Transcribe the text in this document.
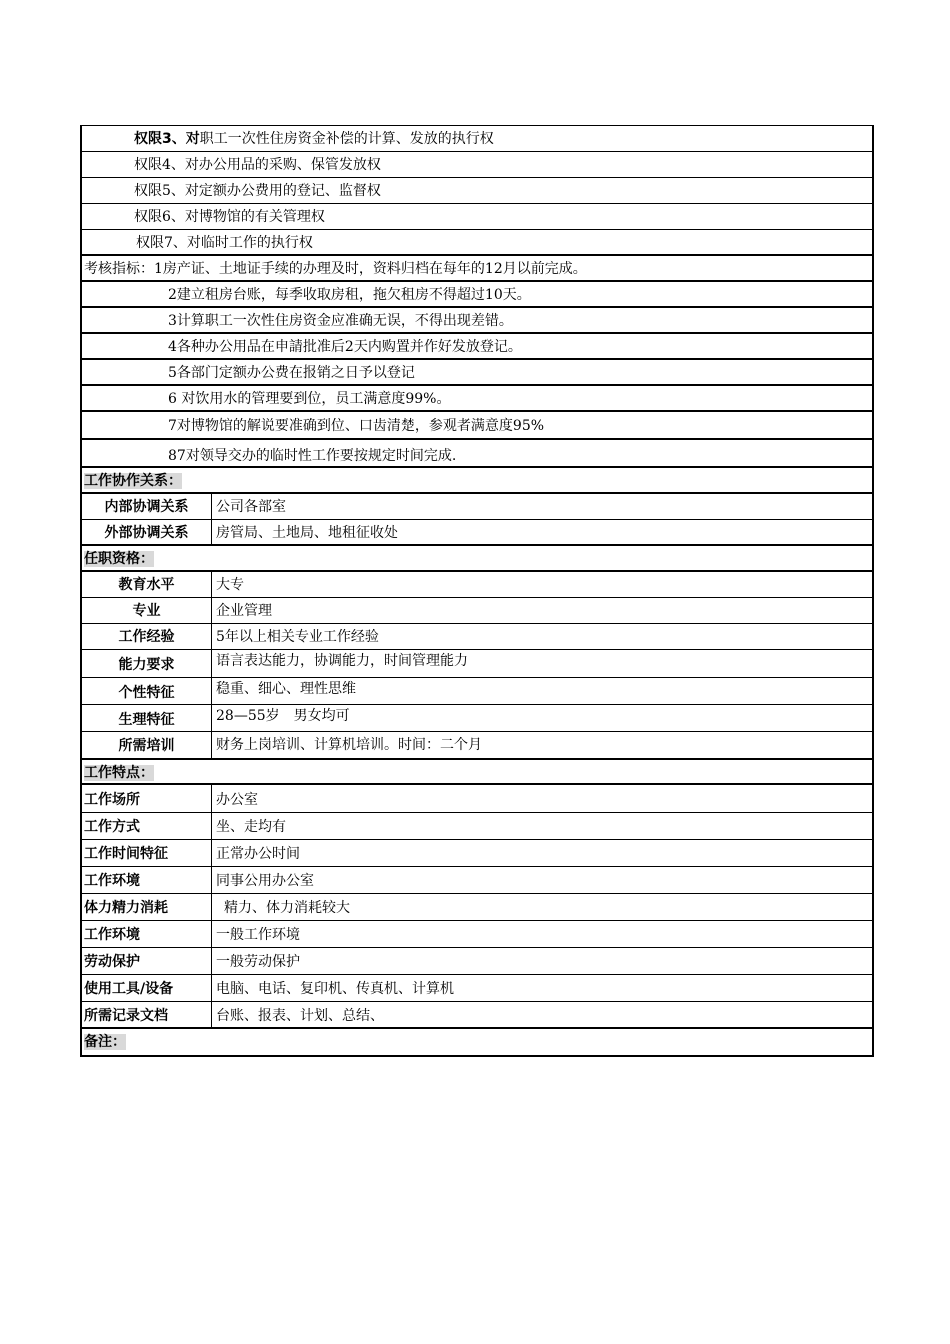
权限3、对职工一次性住房资金补偿的计算、发放的执行权
权限4、对办公用品的采购、保管发放权
权限5、对定额办公费用的登记、监督权
权限6、对博物馆的有关管理权
权限7、对临时工作的执行权
考核指标：1房产证、土地证手续的办理及时，资料归档在每年的12月以前完成。
2建立租房台账，每季收取房租，拖欠租房不得超过10天。
3计算职工一次性住房资金应准确无误，不得出现差错。
4各种办公用品在申請批准后2天内购置并作好发放登记。
5各部门定额办公费在报销之日予以登记
6 对饮用水的管理要到位，员工满意度99%。
7对博物馆的解说要准确到位、口齿清楚，参观者满意度95%
87对领导交办的临时性工作要按规定时间完成.
工作协作关系：
内部协调关系	公司各部室
外部协调关系	房管局、土地局、地租征收处
任职资格：
教育水平	大专
专业	企业管理
工作经验	5年以上相关专业工作经验
能力要求	语言表达能力，协调能力，时间管理能力
个性特征	稳重、细心、理性思维
生理特征	28—55岁　男女均可
所需培训	财务上岗培训、计算机培训。时间：二个月
工作特点：
工作场所	办公室
工作方式	坐、走均有
工作时间特征	正常办公时间
工作环境	同事公用办公室
体力精力消耗	精力、体力消耗较大
工作环境	一般工作环境
劳动保护	一般劳动保护
使用工具/设备	电脑、电话、复印机、传真机、计算机
所需记录文档	台账、报表、计划、总结、
备注：
